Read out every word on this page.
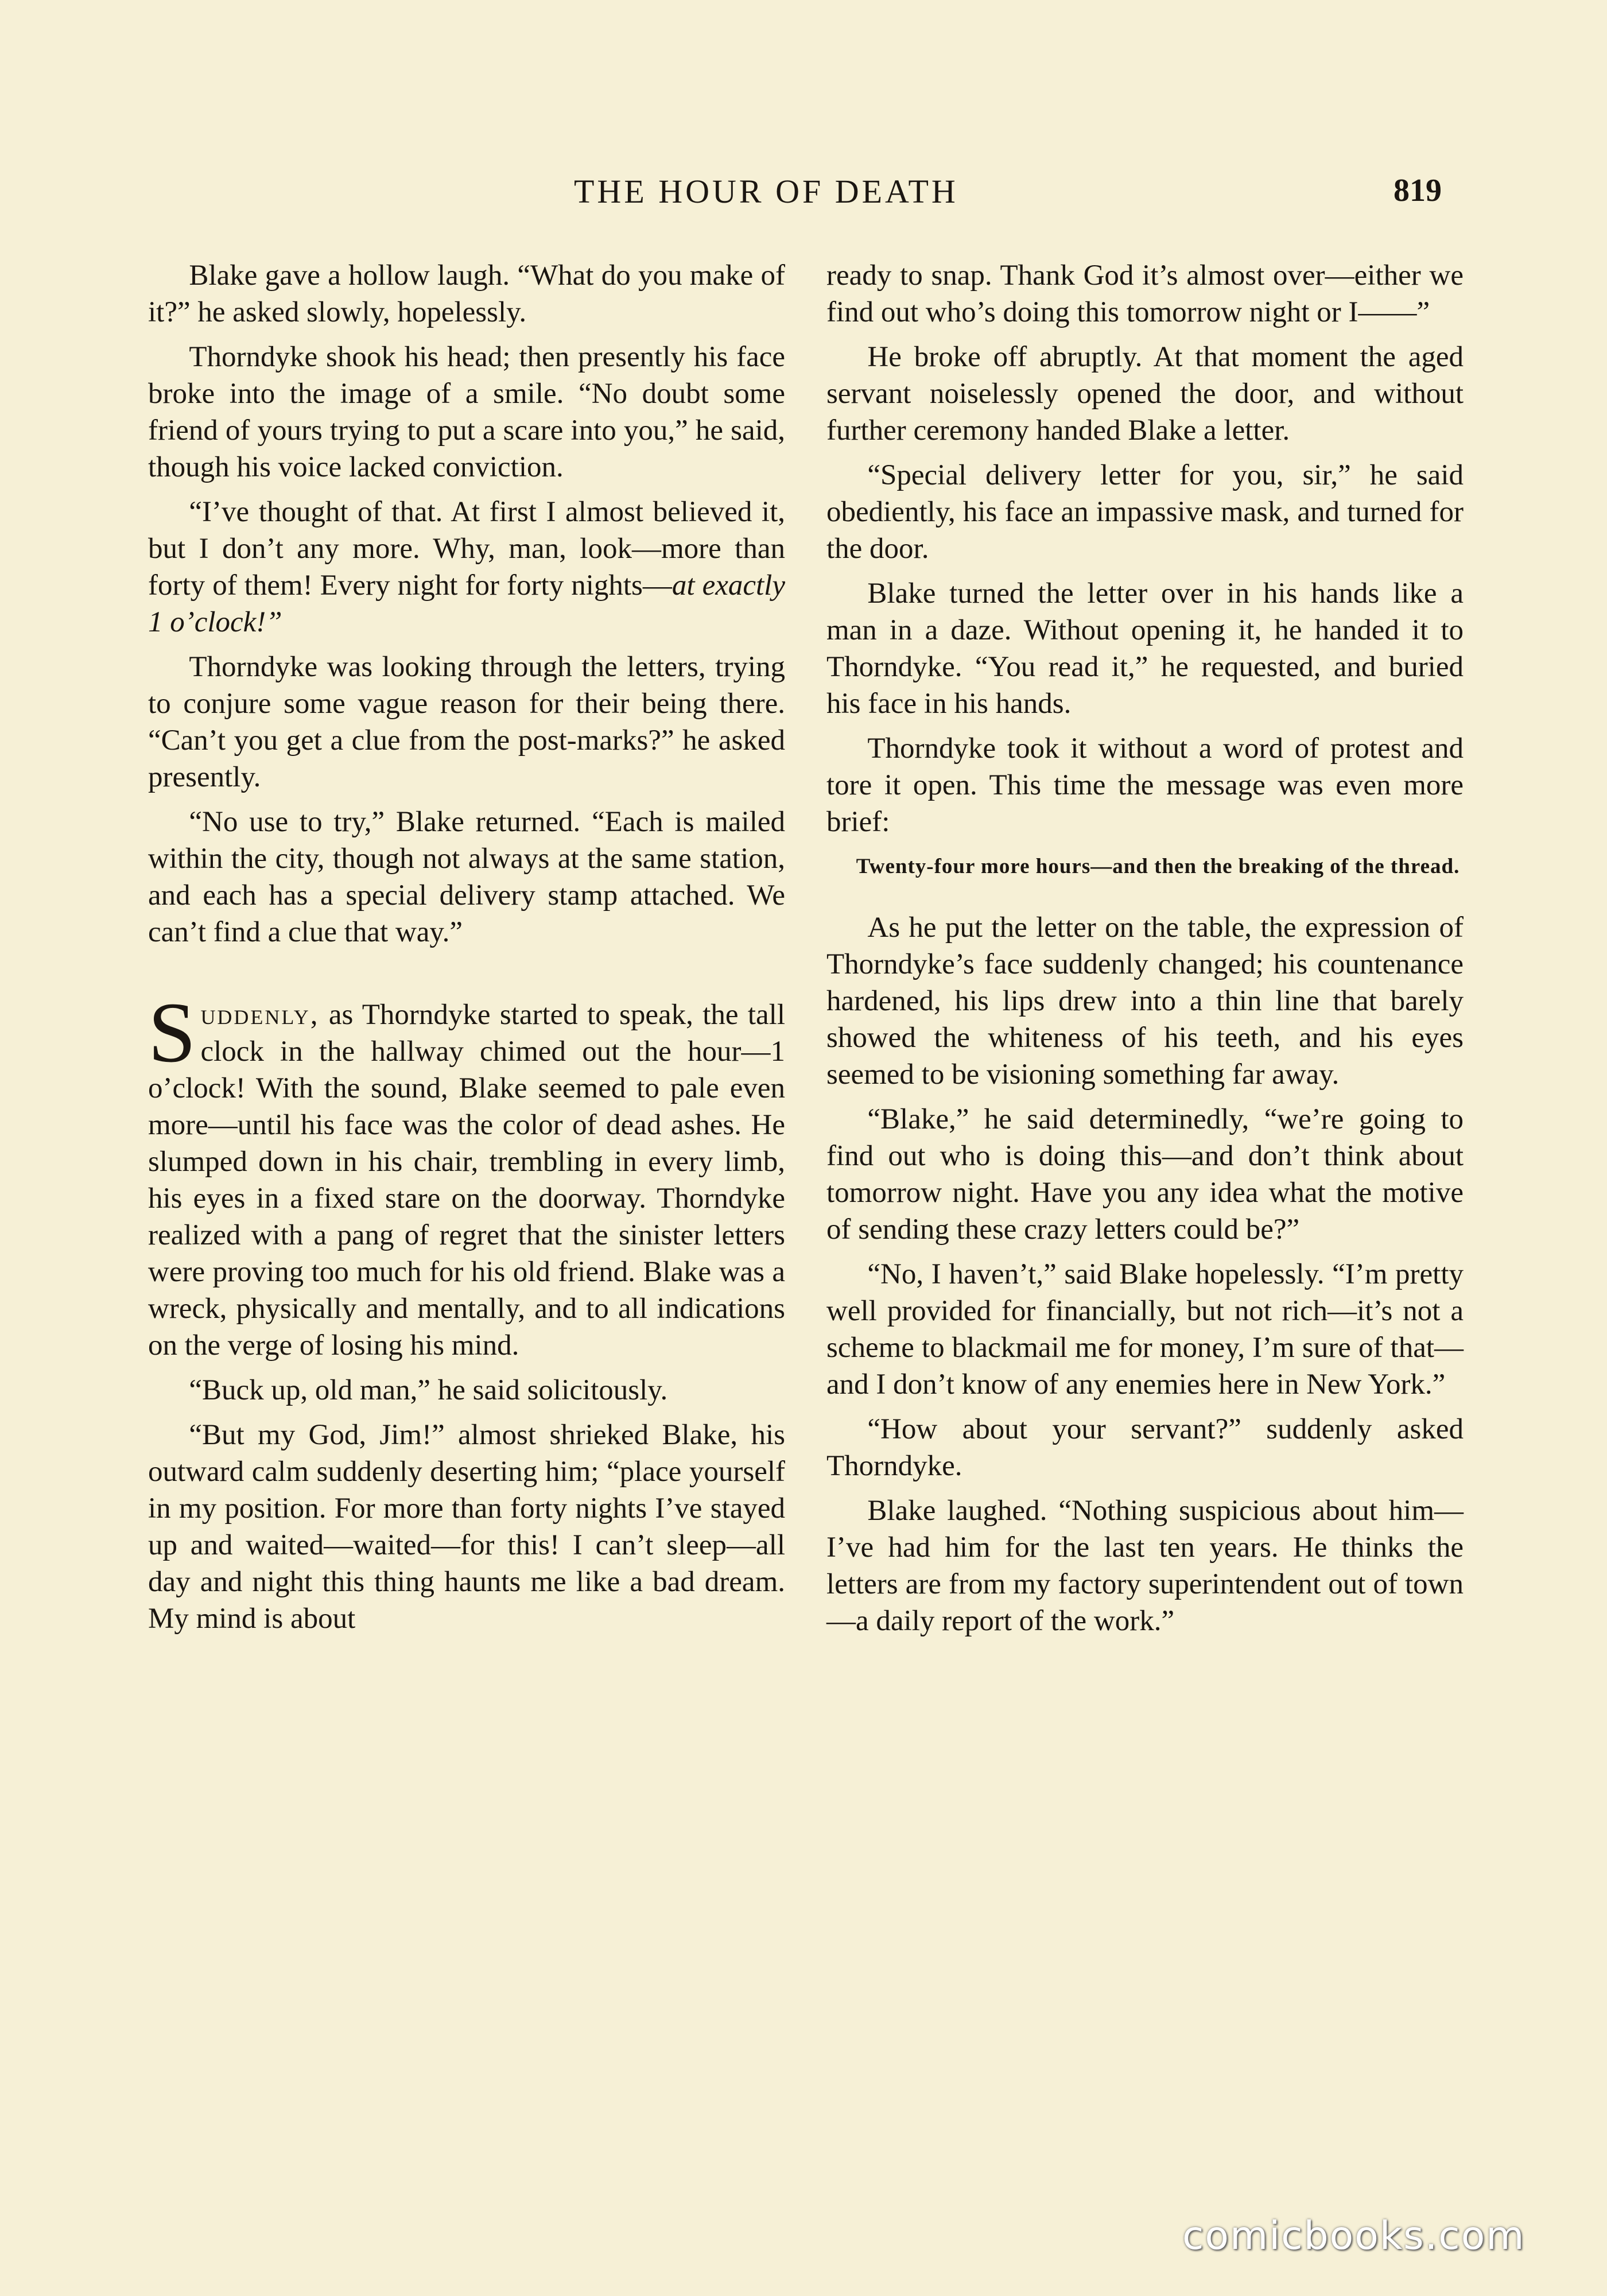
THE HOUR OF DEATH	819

Blake gave a hollow laugh. “What do you make of it?” he asked slowly, hopelessly.

Thorndyke shook his head; then presently his face broke into the image of a smile. “No doubt some friend of yours trying to put a scare into you,” he said, though his voice lacked conviction.

“I’ve thought of that. At first I almost believed it, but I don’t any more. Why, man, look—more than forty of them! Every night for forty nights—at exactly 1 o’clock!”

Thorndyke was looking through the letters, trying to conjure some vague reason for their being there. “Can’t you get a clue from the post-marks?” he asked presently.

“No use to try,” Blake returned. “Each is mailed within the city, though not always at the same station, and each has a special delivery stamp attached. We can’t find a clue that way.”

Suddenly, as Thorndyke started to speak, the tall clock in the hallway chimed out the hour—1 o’clock! With the sound, Blake seemed to pale even more—until his face was the color of dead ashes. He slumped down in his chair, trembling in every limb, his eyes in a fixed stare on the doorway. Thorndyke realized with a pang of regret that the sinister letters were proving too much for his old friend. Blake was a wreck, physically and mentally, and to all indications on the verge of losing his mind.

“Buck up, old man,” he said solicitously.

“But my God, Jim!” almost shrieked Blake, his outward calm suddenly deserting him; “place yourself in my position. For more than forty nights I’ve stayed up and waited—waited—for this! I can’t sleep—all day and night this thing haunts me like a bad dream. My mind is about

ready to snap. Thank God it’s almost over—either we find out who’s doing this tomorrow night or I——”

He broke off abruptly. At that moment the aged servant noiselessly opened the door, and without further ceremony handed Blake a letter.

“Special delivery letter for you, sir,” he said obediently, his face an impassive mask, and turned for the door.

Blake turned the letter over in his hands like a man in a daze. Without opening it, he handed it to Thorndyke. “You read it,” he requested, and buried his face in his hands.

Thorndyke took it without a word of protest and tore it open. This time the message was even more brief:

Twenty-four more hours—and then the breaking of the thread.

As he put the letter on the table, the expression of Thorndyke’s face suddenly changed; his countenance hardened, his lips drew into a thin line that barely showed the whiteness of his teeth, and his eyes seemed to be visioning something far away.

“Blake,” he said determinedly, “we’re going to find out who is doing this—and don’t think about tomorrow night. Have you any idea what the motive of sending these crazy letters could be?”

“No, I haven’t,” said Blake hopelessly. “I’m pretty well provided for financially, but not rich—it’s not a scheme to blackmail me for money, I’m sure of that—and I don’t know of any enemies here in New York.”

“How about your servant?” suddenly asked Thorndyke.

Blake laughed. “Nothing suspicious about him—I’ve had him for the last ten years. He thinks the letters are from my factory superintendent out of town—a daily report of the work.”

comicbooks.com
